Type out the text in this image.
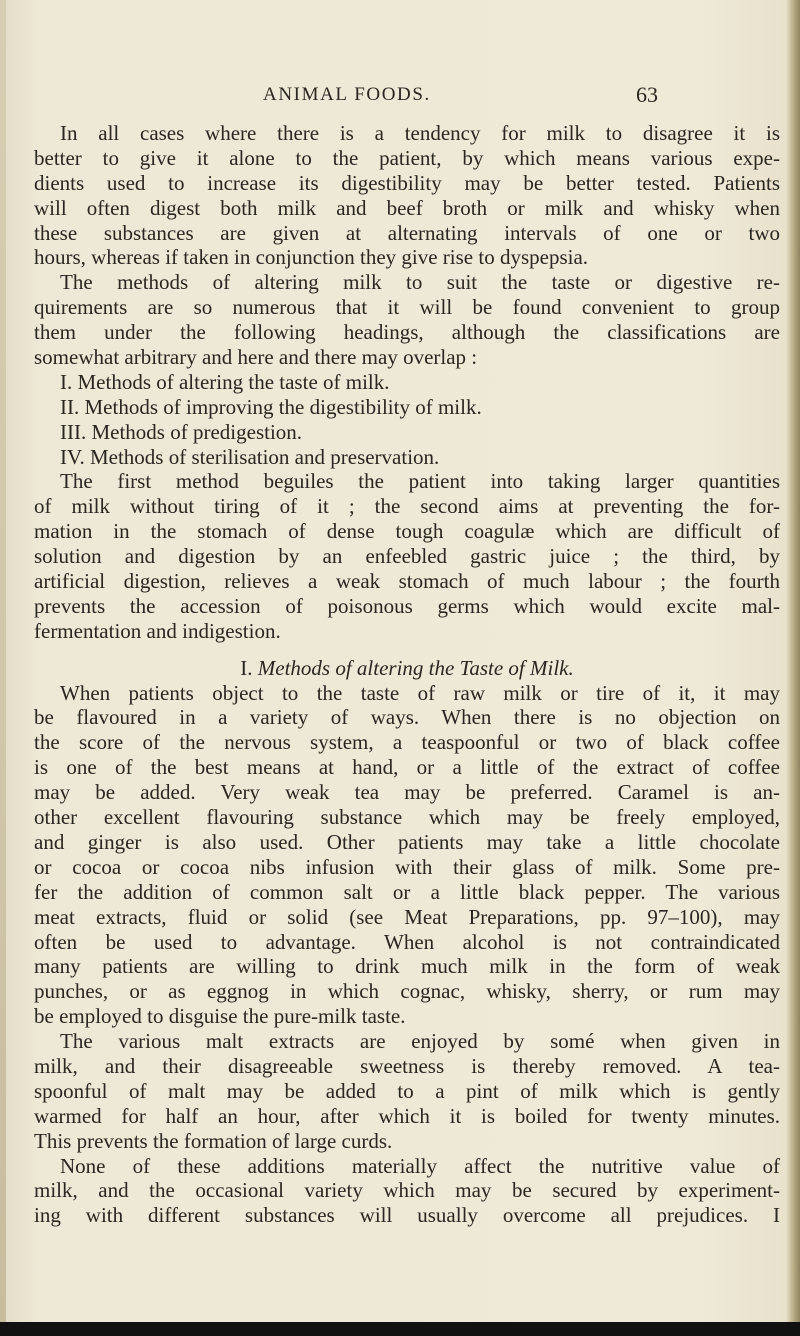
ANIMAL FOODS.	63
In all cases where there is a tendency for milk to disagree it is
better to give it alone to the patient, by which means various expe-
dients used to increase its digestibility may be better tested. Patients
will often digest both milk and beef broth or milk and whisky when
these substances are given at alternating intervals of one or two
hours, whereas if taken in conjunction they give rise to dyspepsia.
The methods of altering milk to suit the taste or digestive re-
quirements are so numerous that it will be found convenient to group
them under the following headings, although the classifications are
somewhat arbitrary and here and there may overlap :
I. Methods of altering the taste of milk.
II. Methods of improving the digestibility of milk.
III. Methods of predigestion.
IV. Methods of sterilisation and preservation.
The first method beguiles the patient into taking larger quantities
of milk without tiring of it ; the second aims at preventing the for-
mation in the stomach of dense tough coagulæ which are difficult of
solution and digestion by an enfeebled gastric juice ; the third, by
artificial digestion, relieves a weak stomach of much labour ; the fourth
prevents the accession of poisonous germs which would excite mal-
fermentation and indigestion.
I. Methods of altering the Taste of Milk.
When patients object to the taste of raw milk or tire of it, it may
be flavoured in a variety of ways. When there is no objection on
the score of the nervous system, a teaspoonful or two of black coffee
is one of the best means at hand, or a little of the extract of coffee
may be added. Very weak tea may be preferred. Caramel is an-
other excellent flavouring substance which may be freely employed,
and ginger is also used. Other patients may take a little chocolate
or cocoa or cocoa nibs infusion with their glass of milk. Some pre-
fer the addition of common salt or a little black pepper. The various
meat extracts, fluid or solid (see Meat Preparations, pp. 97–100), may
often be used to advantage. When alcohol is not contraindicated
many patients are willing to drink much milk in the form of weak
punches, or as eggnog in which cognac, whisky, sherry, or rum may
be employed to disguise the pure-milk taste.
The various malt extracts are enjoyed by somé when given in
milk, and their disagreeable sweetness is thereby removed. A tea-
spoonful of malt may be added to a pint of milk which is gently
warmed for half an hour, after which it is boiled for twenty minutes.
This prevents the formation of large curds.
None of these additions materially affect the nutritive value of
milk, and the occasional variety which may be secured by experiment-
ing with different substances will usually overcome all prejudices. I
